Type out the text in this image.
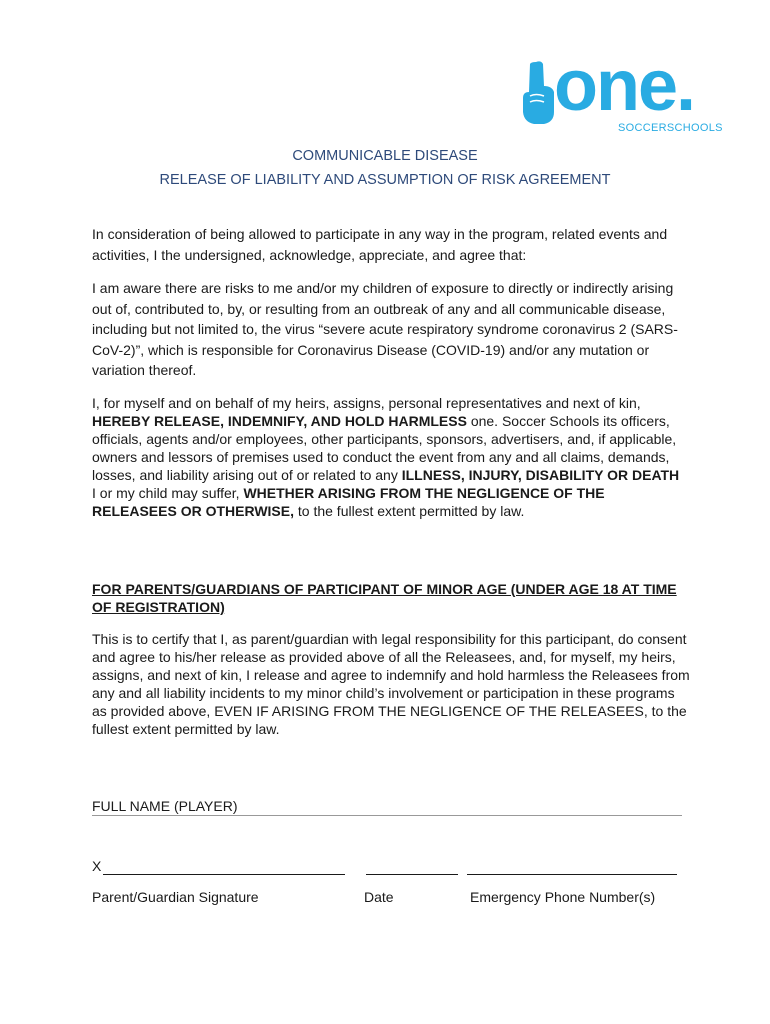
one.
SOCCERSCHOOLS
COMMUNICABLE DISEASE
RELEASE OF LIABILITY AND ASSUMPTION OF RISK AGREEMENT

In consideration of being allowed to participate in any way in the program, related events and activities, I the undersigned, acknowledge, appreciate, and agree that:

I am aware there are risks to me and/or my children of exposure to directly or indirectly arising out of, contributed to, by, or resulting from an outbreak of any and all communicable disease, including but not limited to, the virus “severe acute respiratory syndrome coronavirus 2 (SARS-CoV-2)”, which is responsible for Coronavirus Disease (COVID-19) and/or any mutation or variation thereof.

I, for myself and on behalf of my heirs, assigns, personal representatives and next of kin, HEREBY RELEASE, INDEMNIFY, AND HOLD HARMLESS one. Soccer Schools its officers, officials, agents and/or employees, other participants, sponsors, advertisers, and, if applicable, owners and lessors of premises used to conduct the event from any and all claims, demands, losses, and liability arising out of or related to any ILLNESS, INJURY, DISABILITY OR DEATH I or my child may suffer, WHETHER ARISING FROM THE NEGLIGENCE OF THE RELEASEES OR OTHERWISE, to the fullest extent permitted by law.

FOR PARENTS/GUARDIANS OF PARTICIPANT OF MINOR AGE (UNDER AGE 18 AT TIME OF REGISTRATION)

This is to certify that I, as parent/guardian with legal responsibility for this participant, do consent and agree to his/her release as provided above of all the Releasees, and, for myself, my heirs, assigns, and next of kin, I release and agree to indemnify and hold harmless the Releasees from any and all liability incidents to my minor child’s involvement or participation in these programs as provided above, EVEN IF ARISING FROM THE NEGLIGENCE OF THE RELEASEES, to the fullest extent permitted by law.

FULL NAME (PLAYER)
X
Parent/Guardian Signature	Date	Emergency Phone Number(s)
